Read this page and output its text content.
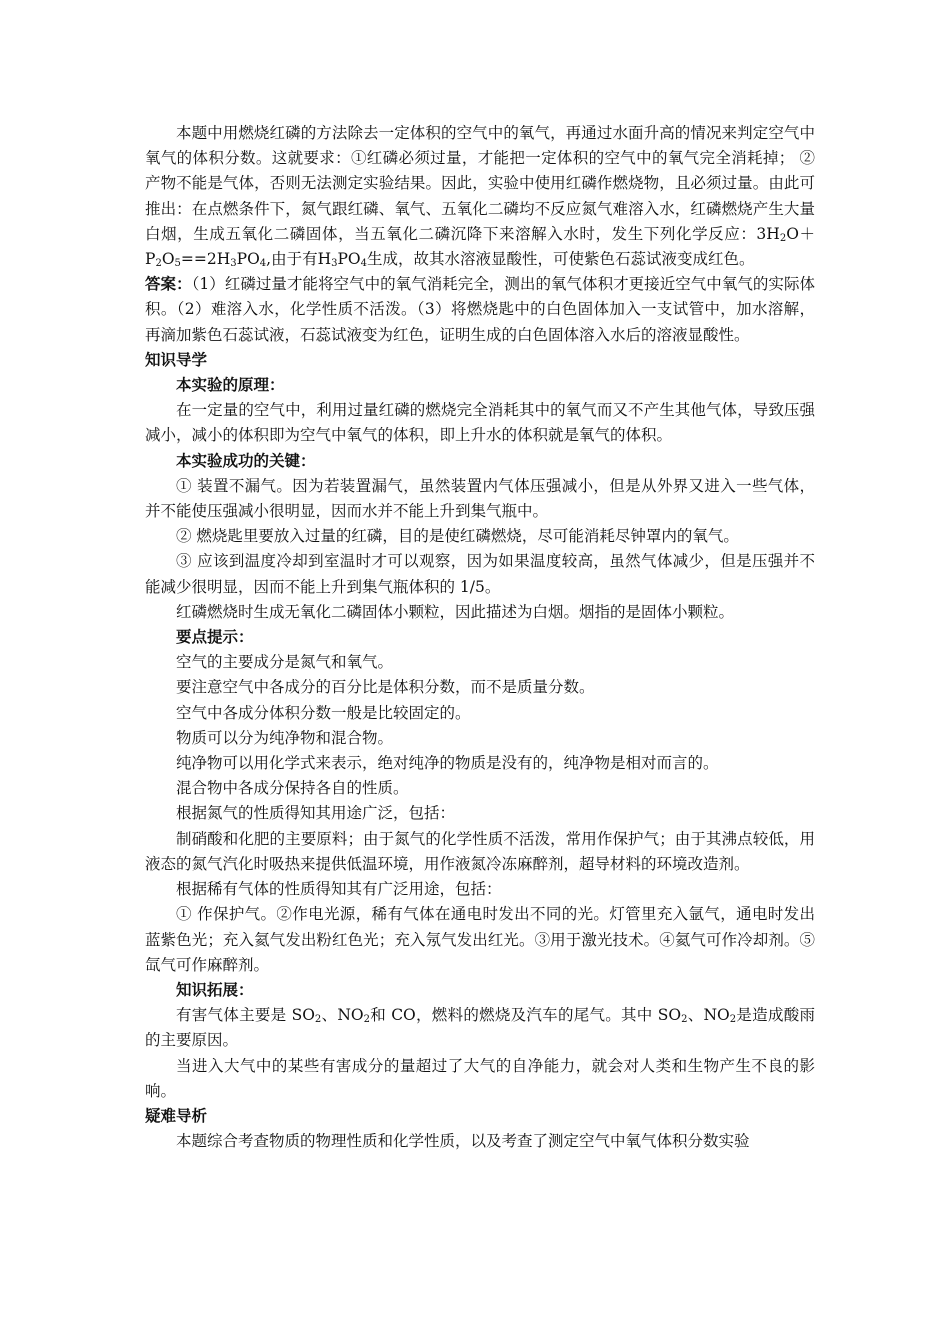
本题中用燃烧红磷的方法除去一定体积的空气中的氧气，再通过水面升高的情况来判定空气中氧气的体积分数。这就要求：①红磷必须过量，才能把一定体积的空气中的氧气完全消耗掉； ②产物不能是气体，否则无法测定实验结果。因此，实验中使用红磷作燃烧物，且必须过量。由此可推出：在点燃条件下，氮气跟红磷、氧气、五氧化二磷均不反应氮气难溶入水，红磷燃烧产生大量白烟，生成五氧化二磷固体，当五氧化二磷沉降下来溶解入水时，发生下列化学反应：$3H_2O+P_2O_5==2H_3PO_4$,由于有$H_3PO_4$生成，故其水溶液显酸性，可使紫色石蕊试液变成红色。

答案：（1）红磷过量才能将空气中的氧气消耗完全，测出的氧气体积才更接近空气中氧气的实际体积。（2）难溶入水，化学性质不活泼。（3）将燃烧匙中的白色固体加入一支试管中，加水溶解，再滴加紫色石蕊试液，石蕊试液变为红色，证明生成的白色固体溶入水后的溶液显酸性。

知识导学

本实验的原理：

在一定量的空气中，利用过量红磷的燃烧完全消耗其中的氧气而又不产生其他气体，导致压强减小，减小的体积即为空气中氧气的体积，即上升水的体积就是氧气的体积。

本实验成功的关键：

① 装置不漏气。因为若装置漏气，虽然装置内气体压强减小，但是从外界又进入一些气体，并不能使压强减小很明显，因而水并不能上升到集气瓶中。

② 燃烧匙里要放入过量的红磷，目的是使红磷燃烧，尽可能消耗尽钟罩内的氧气。

③ 应该到温度冷却到室温时才可以观察，因为如果温度较高，虽然气体减少，但是压强并不能减少很明显，因而不能上升到集气瓶体积的 1/5。

红磷燃烧时生成无氧化二磷固体小颗粒，因此描述为白烟。烟指的是固体小颗粒。

要点提示：

空气的主要成分是氮气和氧气。

要注意空气中各成分的百分比是体积分数，而不是质量分数。

空气中各成分体积分数一般是比较固定的。

物质可以分为纯净物和混合物。

纯净物可以用化学式来表示，绝对纯净的物质是没有的，纯净物是相对而言的。

混合物中各成分保持各自的性质。

根据氮气的性质得知其用途广泛，包括：

制硝酸和化肥的主要原料；由于氮气的化学性质不活泼，常用作保护气；由于其沸点较低，用液态的氮气汽化时吸热来提供低温环境，用作液氮冷冻麻醉剂，超导材料的环境改造剂。

根据稀有气体的性质得知其有广泛用途，包括：

① 作保护气。②作电光源，稀有气体在通电时发出不同的光。灯管里充入氩气，通电时发出蓝紫色光；充入氦气发出粉红色光；充入氖气发出红光。③用于激光技术。④氦气可作冷却剂。⑤氙气可作麻醉剂。

知识拓展：

有害气体主要是 $SO_2$、$NO_2$和 CO，燃料的燃烧及汽车的尾气。其中 $SO_2$、$NO_2$是造成酸雨的主要原因。

当进入大气中的某些有害成分的量超过了大气的自净能力，就会对人类和生物产生不良的影响。

疑难导析

本题综合考查物质的物理性质和化学性质，以及考查了测定空气中氧气体积分数实验
